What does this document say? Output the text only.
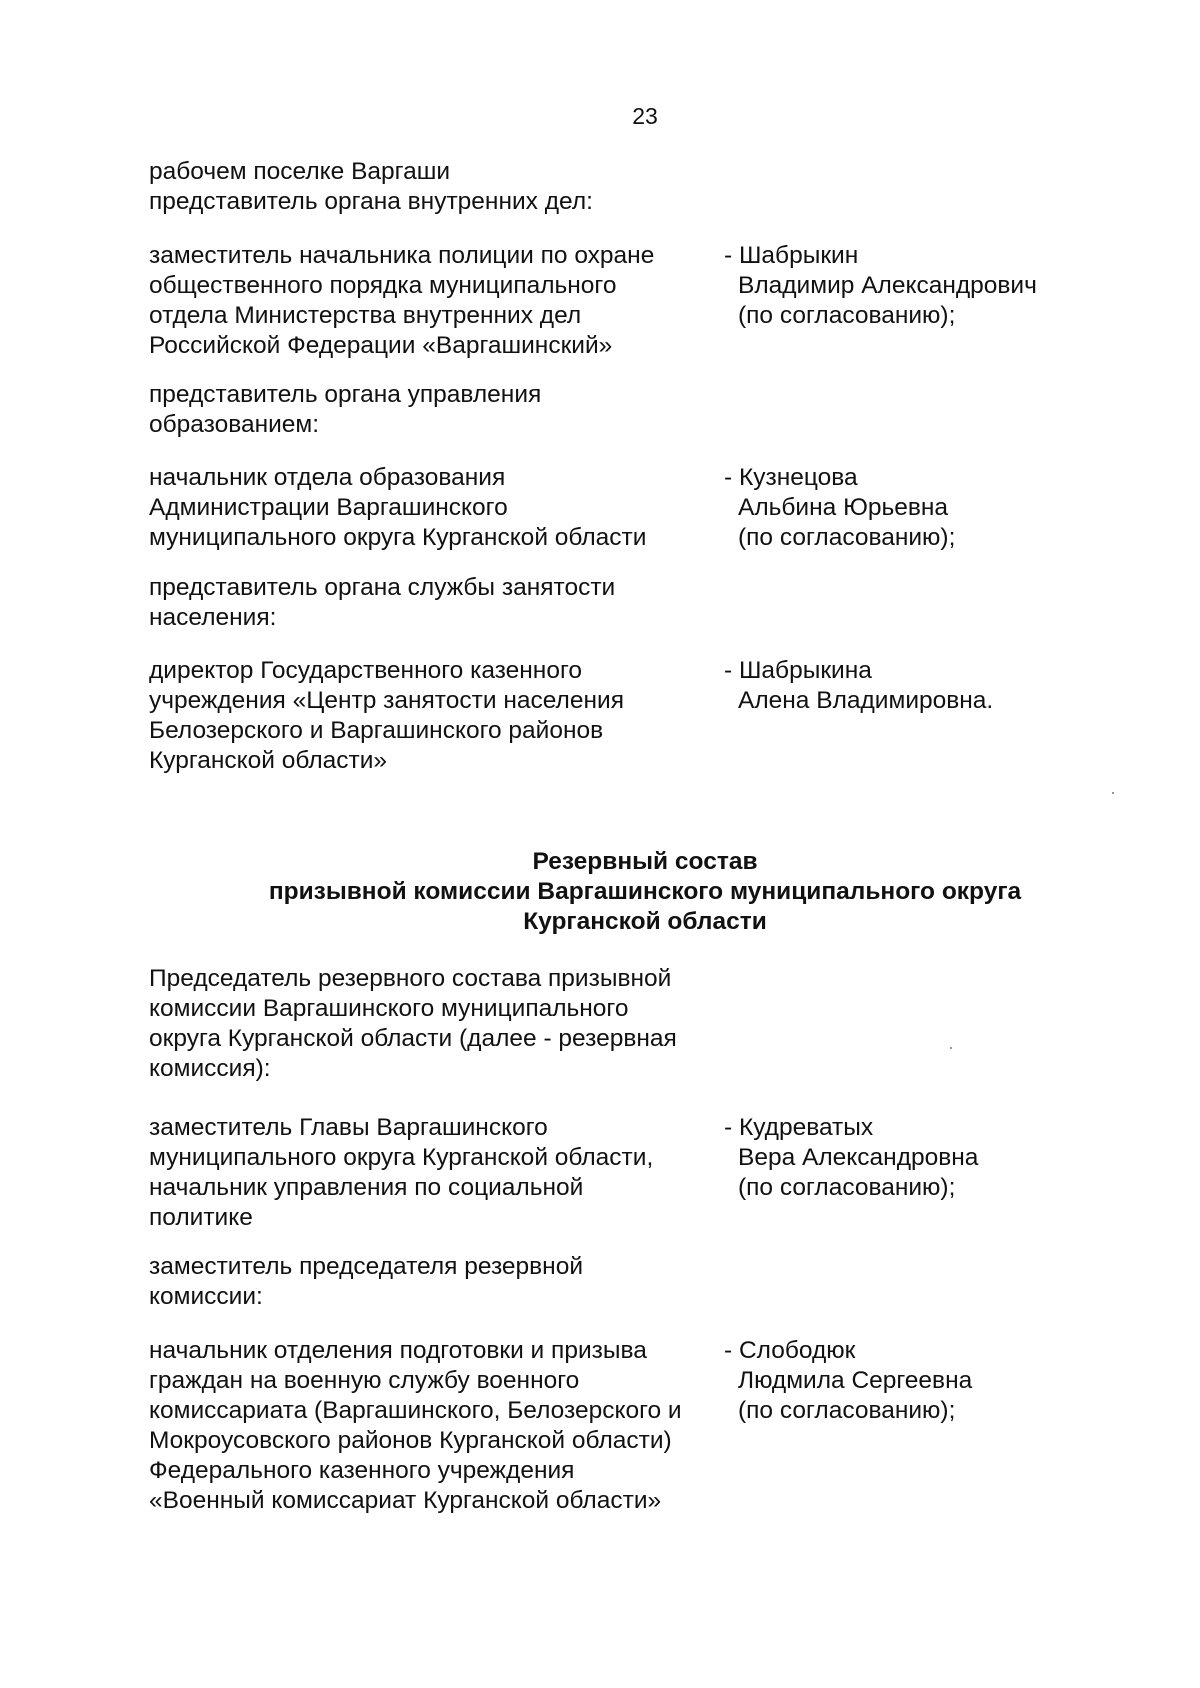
23
рабочем поселке Варгаши
представитель органа внутренних дел:
заместитель начальника полиции по охране
общественного порядка муниципального
отдела Министерства внутренних дел
Российской Федерации «Варгашинский»
- Шабрыкин
Владимир Александрович
(по согласованию);
представитель органа управления
образованием:
начальник отдела образования
Администрации Варгашинского
муниципального округа Курганской области
- Кузнецова
Альбина Юрьевна
(по согласованию);
представитель органа службы занятости
населения:
директор Государственного казенного
учреждения «Центр занятости населения
Белозерского и Варгашинского районов
Курганской области»
- Шабрыкина
Алена Владимировна.
Резервный состав
призывной комиссии Варгашинского муниципального округа
Курганской области
Председатель резервного состава призывной
комиссии Варгашинского муниципального
округа Курганской области (далее - резервная
комиссия):
заместитель Главы Варгашинского
муниципального округа Курганской области,
начальник управления по социальной
политике
- Кудреватых
Вера Александровна
(по согласованию);
заместитель председателя резервной
комиссии:
начальник отделения подготовки и призыва
граждан на военную службу военного
комиссариата (Варгашинского, Белозерского и
Мокроусовского районов Курганской области)
Федерального казенного учреждения
«Военный комиссариат Курганской области»
- Слободюк
Людмила Сергеевна
(по согласованию);
